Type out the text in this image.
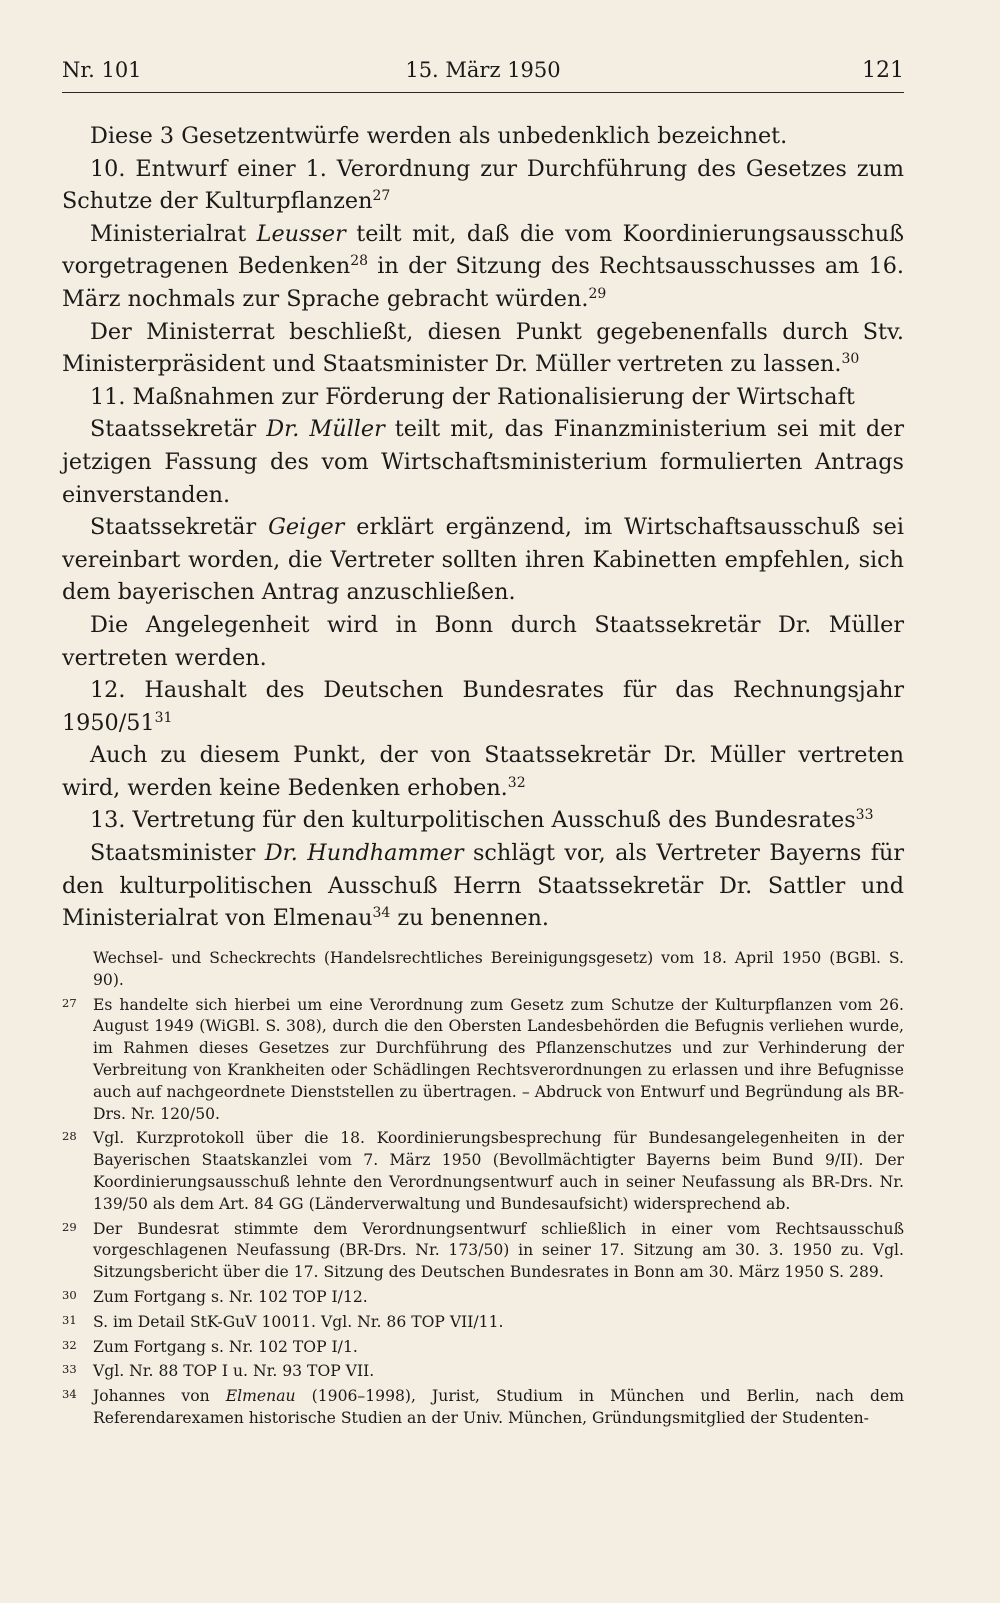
Nr. 101	15. März 1950	121

Diese 3 Gesetzentwürfe werden als unbedenklich bezeichnet.

10. Entwurf einer 1. Verordnung zur Durchführung des Gesetzes zum Schutze der Kulturpflanzen$^{27}$

Ministerialrat Leusser teilt mit, daß die vom Koordinierungsausschuß vorgetragenen Bedenken$^{28}$ in der Sitzung des Rechtsausschusses am 16. März nochmals zur Sprache gebracht würden.$^{29}$

Der Ministerrat beschließt, diesen Punkt gegebenenfalls durch Stv. Ministerpräsident und Staatsminister Dr. Müller vertreten zu lassen.$^{30}$

11. Maßnahmen zur Förderung der Rationalisierung der Wirtschaft

Staatssekretär Dr. Müller teilt mit, das Finanzministerium sei mit der jetzigen Fassung des vom Wirtschaftsministerium formulierten Antrags einverstanden.

Staatssekretär Geiger erklärt ergänzend, im Wirtschaftsausschuß sei vereinbart worden, die Vertreter sollten ihren Kabinetten empfehlen, sich dem bayerischen Antrag anzuschließen.

Die Angelegenheit wird in Bonn durch Staatssekretär Dr. Müller vertreten werden.

12. Haushalt des Deutschen Bundesrates für das Rechnungsjahr $1950/51^{31}$

Auch zu diesem Punkt, der von Staatssekretär Dr. Müller vertreten wird, werden keine Bedenken erhoben.$^{32}$

13. Vertretung für den kulturpolitischen Ausschuß des Bundesrates$^{33}$

Staatsminister Dr. Hundhammer schlägt vor, als Vertreter Bayerns für den kulturpolitischen Ausschuß Herrn Staatssekretär Dr. Sattler und Ministerialrat von Elmenau$^{34}$ zu benennen.

Wechsel- und Scheckrechts (Handelsrechtliches Bereinigungsgesetz) vom 18. April 1950 (BGBl. S. 90).
27 Es handelte sich hierbei um eine Verordnung zum Gesetz zum Schutze der Kulturpflanzen vom 26. August 1949 (WiGBl. S. 308), durch die den Obersten Landesbehörden die Befugnis verliehen wurde, im Rahmen dieses Gesetzes zur Durchführung des Pflanzenschutzes und zur Verhinderung der Verbreitung von Krankheiten oder Schädlingen Rechtsverordnungen zu erlassen und ihre Befugnisse auch auf nachgeordnete Dienststellen zu übertragen. – Abdruck von Entwurf und Begründung als BR-Drs. Nr. 120/50.
28 Vgl. Kurzprotokoll über die 18. Koordinierungsbesprechung für Bundesangelegenheiten in der Bayerischen Staatskanzlei vom 7. März 1950 (Bevollmächtigter Bayerns beim Bund 9/II). Der Koordinierungsausschuß lehnte den Verordnungsentwurf auch in seiner Neufassung als BR-Drs. Nr. 139/50 als dem Art. 84 GG (Länderverwaltung und Bundesaufsicht) widersprechend ab.
29 Der Bundesrat stimmte dem Verordnungsentwurf schließlich in einer vom Rechtsausschuß vorgeschlagenen Neufassung (BR-Drs. Nr. 173/50) in seiner 17. Sitzung am 30. 3. 1950 zu. Vgl. Sitzungsbericht über die 17. Sitzung des Deutschen Bundesrates in Bonn am 30. März 1950 S. 289.
30 Zum Fortgang s. Nr. 102 TOP I/12.
31 S. im Detail StK-GuV 10011. Vgl. Nr. 86 TOP VII/11.
32 Zum Fortgang s. Nr. 102 TOP I/1.
33 Vgl. Nr. 88 TOP I u. Nr. 93 TOP VII.
34 Johannes von Elmenau (1906–1998), Jurist, Studium in München und Berlin, nach dem Referendarexamen historische Studien an der Univ. München, Gründungsmitglied der Studenten-
